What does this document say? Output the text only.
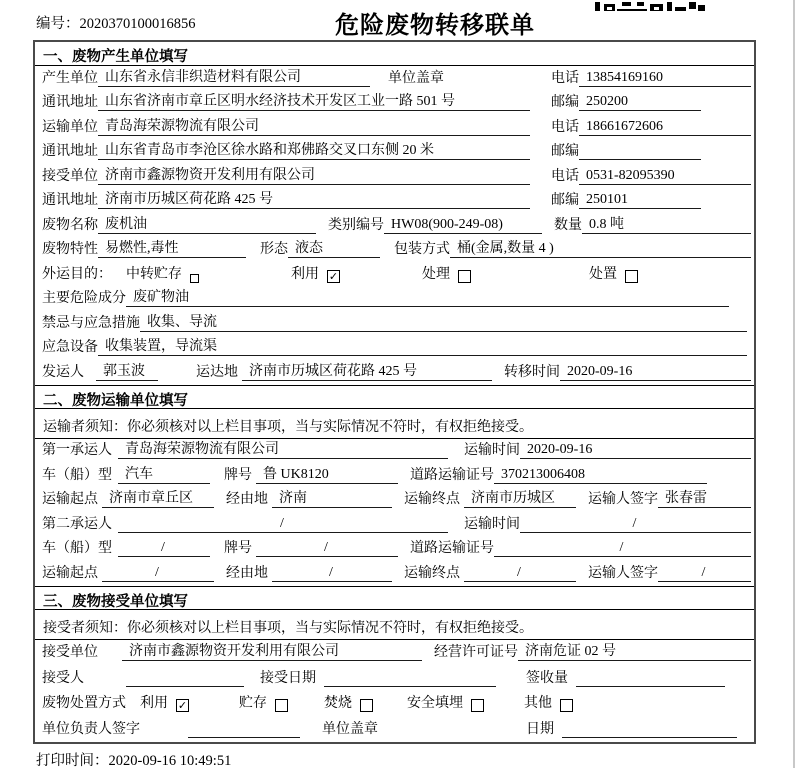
编号：2020370100016856	危险废物转移联单
一、废物产生单位填写
产生单位 山东省永信非织造材料有限公司	单位盖章	电话 13854169160
通讯地址 山东省济南市章丘区明水经济技术开发区工业一路 501 号	邮编 250200
运输单位 青岛海荣源物流有限公司	电话 18661672606
通讯地址 山东省青岛市李沧区徐水路和郑佛路交叉口东侧 20 米	邮编
接受单位 济南市鑫源物资开发利用有限公司	电话 0531-82095390
通讯地址 济南市历城区荷花路 425 号	邮编 250101
废物名称 废机油	类别编号 HW08(900-249-08)	数量 0.8 吨
废物特性 易燃性,毒性	形态 液态	包装方式 桶(金属,数量 4 )
外运目的： 中转贮存	利用 ✓	处理	处置
主要危险成分 废矿物油
禁忌与应急措施 收集、导流
应急设备 收集装置，导流渠
发运人	郭玉波	运达地 济南市历城区荷花路 425 号	转移时间 2020-09-16
二、废物运输单位填写
运输者须知：你必须核对以上栏目事项，当与实际情况不符时，有权拒绝接受。
第一承运人 青岛海荣源物流有限公司	运输时间 2020-09-16
车（船）型 汽车	牌号 鲁 UK8120	道路运输证号 370213006408
运输起点 济南市章丘区	经由地 济南	运输终点 济南市历城区	运输人签字 张春雷
第二承运人	/	运输时间	/
车（船）型	/	牌号	/	道路运输证号	/
运输起点	/	经由地	/	运输终点	/	运输人签字	/
三、废物接受单位填写
接受者须知：你必须核对以上栏目事项，当与实际情况不符时，有权拒绝接受。
接受单位	济南市鑫源物资开发利用有限公司	经营许可证号 济南危证 02 号
接受人	接受日期	签收量
废物处置方式 利用 ✓	贮存	焚烧	安全填埋	其他
单位负责人签字	单位盖章	日期
打印时间：2020-09-16 10:49:51
